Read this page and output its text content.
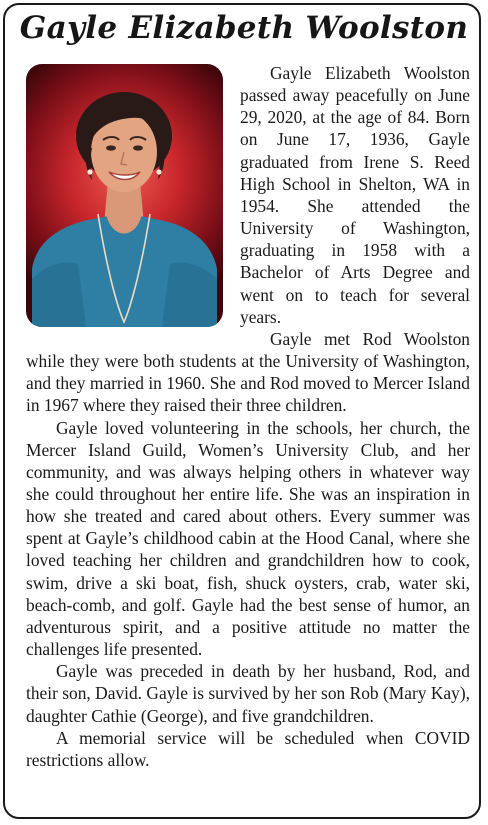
Gayle Elizabeth Woolston

Gayle Elizabeth Woolston passed away peacefully on June 29, 2020, at the age of 84. Born on June 17, 1936, Gayle graduated from Irene S. Reed High School in Shelton, WA in 1954. She attended the University of Washington, graduating in 1958 with a Bachelor of Arts Degree and went on to teach for several years.

Gayle met Rod Woolston while they were both students at the University of Washington, and they married in 1960. She and Rod moved to Mercer Island in 1967 where they raised their three children.

Gayle loved volunteering in the schools, her church, the Mercer Island Guild, Women’s University Club, and her community, and was always helping others in whatever way she could throughout her entire life. She was an inspiration in how she treated and cared about others. Every summer was spent at Gayle’s childhood cabin at the Hood Canal, where she loved teaching her children and grandchildren how to cook, swim, drive a ski boat, fish, shuck oysters, crab, water ski, beach-comb, and golf. Gayle had the best sense of humor, an adventurous spirit, and a positive attitude no matter the challenges life presented.

Gayle was preceded in death by her husband, Rod, and their son, David. Gayle is survived by her son Rob (Mary Kay), daughter Cathie (George), and five grandchildren.

A memorial service will be scheduled when COVID restrictions allow.
